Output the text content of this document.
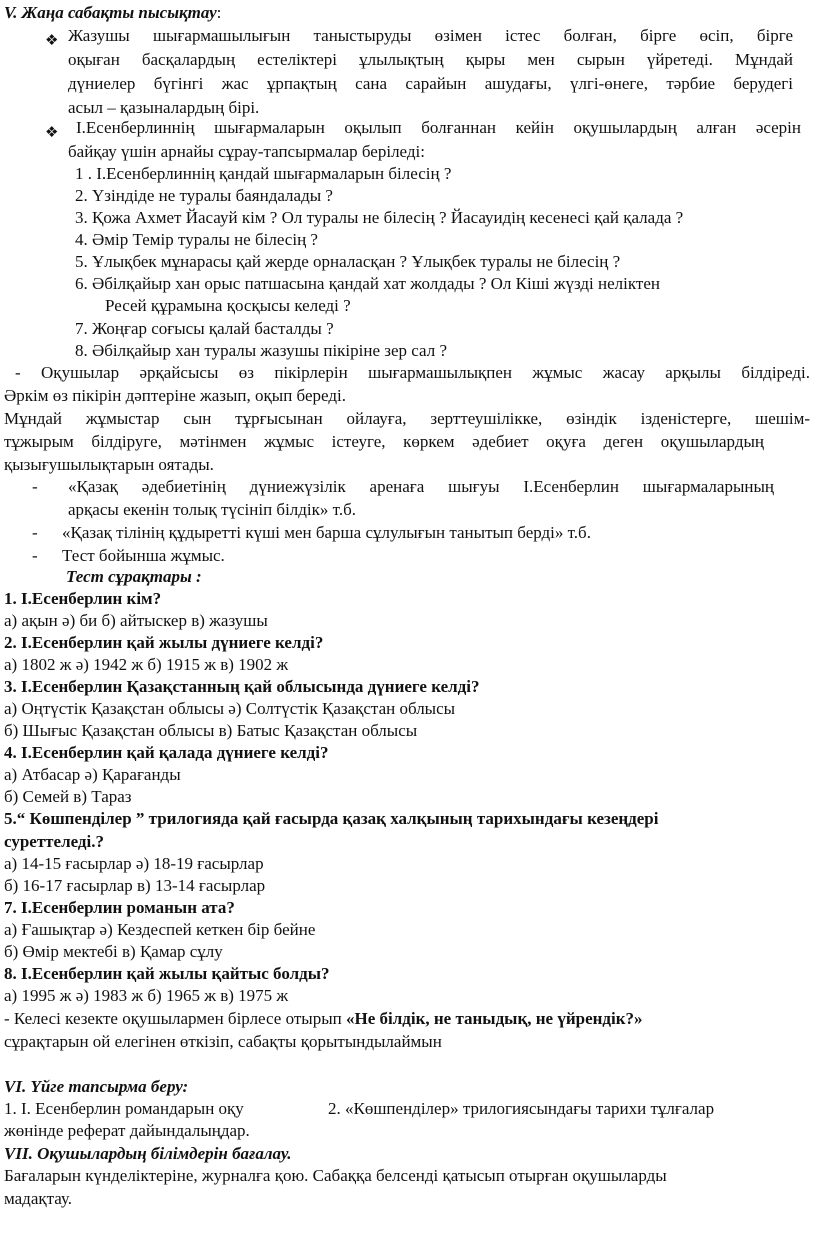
V. Жаңа сабақты пысықтау:
❖ Жазушы шығармашылығын таныстыруды өзімен істес болған, бірге өсіп, бірге
оқыған басқалардың естеліктері ұлылықтың қыры мен сырын үйретеді. Мұндай
дүниелер бүгінгі жас ұрпақтың сана сарайын ашудағы, үлгі-өнеге, тәрбие берудегі
асыл – қазыналардың бірі.
❖ І.Есенберлиннің шығармаларын оқылып болғаннан кейін оқушылардың алған әсерін
байқау үшін арнайы сұрау-тапсырмалар беріледі:
1 . І.Есенберлиннің қандай шығармаларын білесің ?
2. Үзіндіде не туралы баяндалады ?
3. Қожа Ахмет Йасауй кім ? Ол туралы не білесің ? Йасауидің кесенесі қай қалада ?
4. Әмір Темір туралы не білесің ?
5. Ұлықбек мұнарасы қай жерде орналасқан ? Ұлықбек туралы не білесің ?
6. Әбілқайыр хан орыс патшасына қандай хат жолдады ? Ол Кіші жүзді неліктен
Ресей құрамына қосқысы келеді ?
7. Жоңғар соғысы қалай басталды ?
8. Әбілқайыр хан туралы жазушы пікіріне зер сал ?
- Оқушылар әрқайсысы өз пікірлерін шығармашылықпен жұмыс жасау арқылы білдіреді.
Әркім өз пікірін дәптеріне жазып, оқып береді.
Мұндай жұмыстар сын тұрғысынан ойлауға, зерттеушілікке, өзіндік ізденістерге, шешім-
тұжырым білдіруге, мәтінмен жұмыс істеуге, көркем әдебиет оқуға деген оқушылардың
қызығушылықтарын оятады.
- «Қазақ әдебиетінің дүниежүзілік аренаға шығуы І.Есенберлин шығармаларының
арқасы екенін толық түсініп білдік» т.б.
- «Қазақ тілінің құдыретті күші мен барша сұлулығын танытып берді» т.б.
- Тест бойынша жұмыс.
Тест сұрақтары :
1. І.Есенберлин кім?
а) ақын ә) би б) айтыскер в) жазушы
2. І.Есенберлин қай жылы дүниеге келді?
а) 1802 ж ә) 1942 ж б) 1915 ж в) 1902 ж
3. І.Есенберлин Қазақстанның қай облысында дүниеге келді?
а) Оңтүстік Қазақстан облысы ә) Солтүстік Қазақстан облысы
б) Шығыс Қазақстан облысы в) Батыс Қазақстан облысы
4. І.Есенберлин қай қалада дүниеге келді?
а) Атбасар ә) Қарағанды
б) Семей в) Тараз
5.“ Көшпенділер ” трилогияда қай ғасырда қазақ халқының тарихындағы кезеңдері
суреттеледі.?
а) 14-15 ғасырлар ә) 18-19 ғасырлар
б) 16-17 ғасырлар в) 13-14 ғасырлар
7. І.Есенберлин романын ата?
а) Ғашықтар ә) Кездеспей кеткен бір бейне
б) Өмір мектебі в) Қамар сұлу
8. І.Есенберлин қай жылы қайтыс болды?
а) 1995 ж ә) 1983 ж б) 1965 ж в) 1975 ж
- Келесі кезекте оқушылармен бірлесе отырып «Не білдік, не таныдық, не үйрендік?»
сұрақтарын ой елегінен өткізіп, сабақты қорытындылаймын
VІ. Үйге тапсырма беру:
1. І. Есенберлин романдарын оқу	2. «Көшпенділер» трилогиясындағы тарихи тұлғалар
жөнінде реферат дайындалыңдар.
VІІ. Оқушылардың білімдерін бағалау.
Бағаларын күнделіктеріне, журналға қою. Сабаққа белсенді қатысып отырған оқушыларды
мадақтау.
